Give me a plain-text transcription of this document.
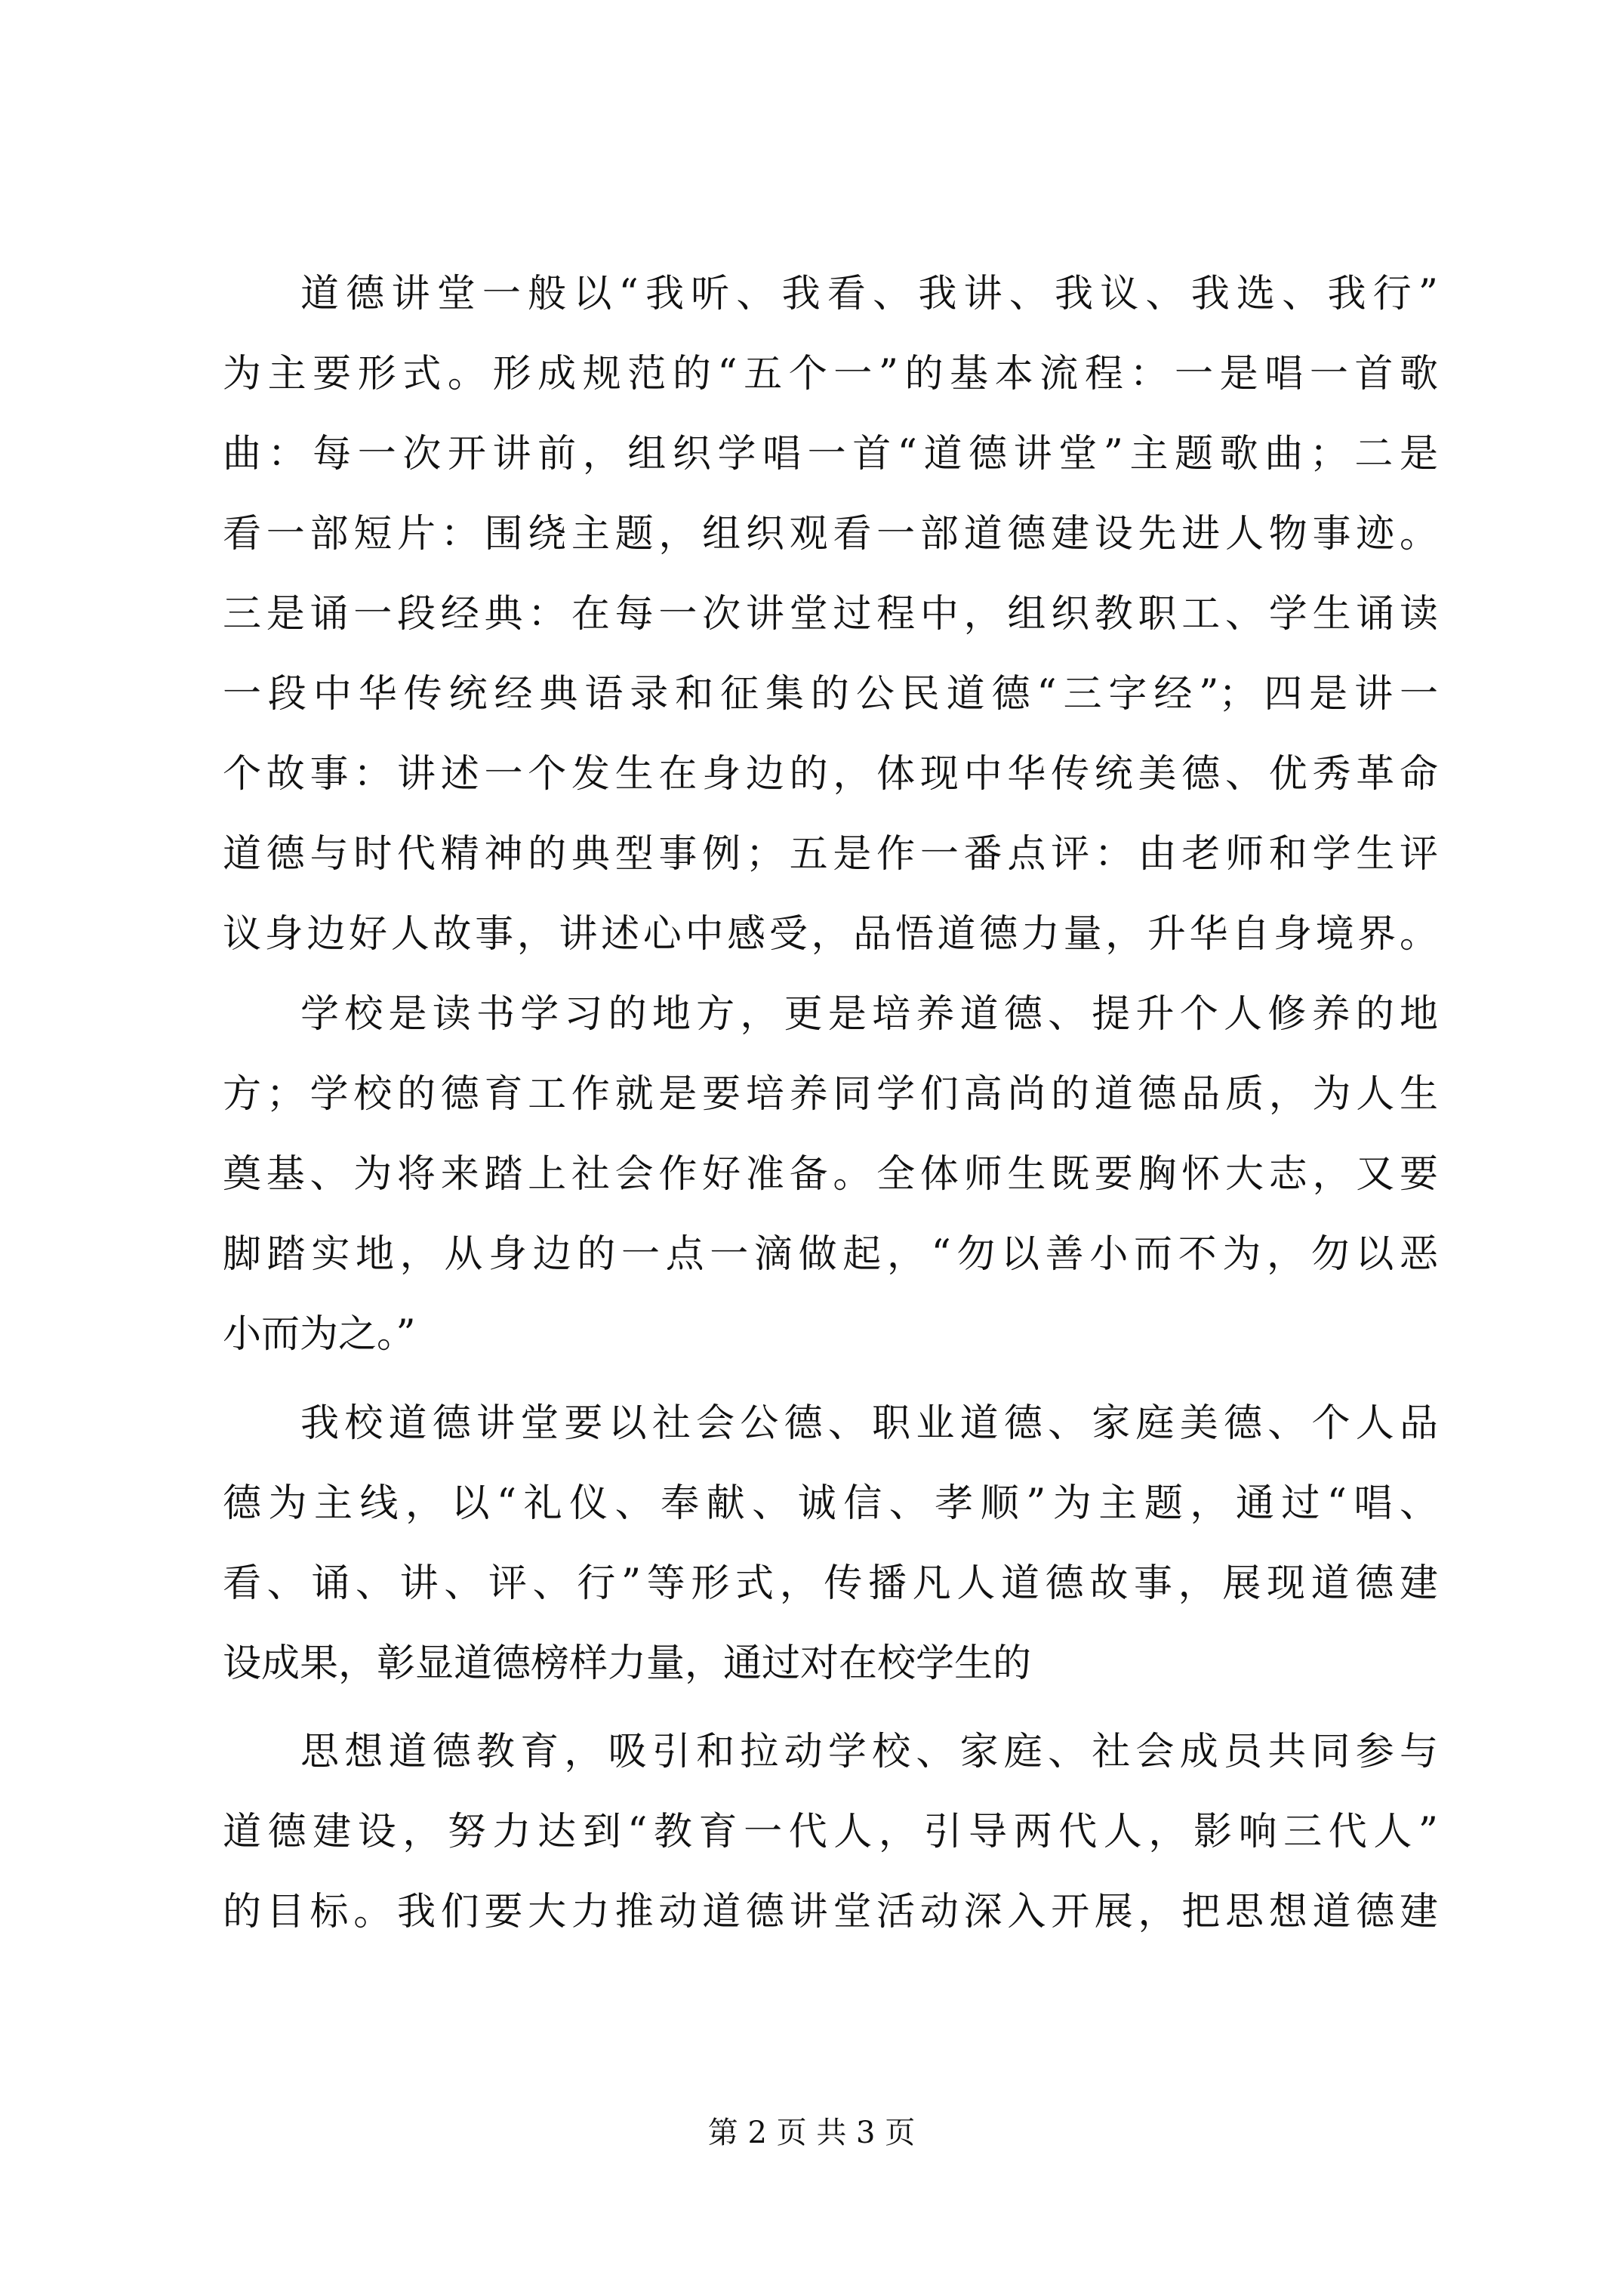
道德讲堂一般以“我听、我看、我讲、我议、我选、我行”

为主要形式。形成规范的“五个一”的基本流程：一是唱一首歌

曲：每一次开讲前，组织学唱一首“道德讲堂”主题歌曲；二是

看一部短片：围绕主题，组织观看一部道德建设先进人物事迹。

三是诵一段经典：在每一次讲堂过程中，组织教职工、学生诵读

一段中华传统经典语录和征集的公民道德“三字经”；四是讲一

个故事：讲述一个发生在身边的，体现中华传统美德、优秀革命

道德与时代精神的典型事例；五是作一番点评：由老师和学生评

议身边好人故事，讲述心中感受，品悟道德力量，升华自身境界。

学校是读书学习的地方，更是培养道德、提升个人修养的地

方；学校的德育工作就是要培养同学们高尚的道德品质，为人生

奠基、为将来踏上社会作好准备。全体师生既要胸怀大志，又要

脚踏实地，从身边的一点一滴做起，“勿以善小而不为，勿以恶

小而为之。”

我校道德讲堂要以社会公德、职业道德、家庭美德、个人品

德为主线，以“礼仪、奉献、诚信、孝顺”为主题，通过“唱、

看、诵、讲、评、行”等形式，传播凡人道德故事，展现道德建

设成果，彰显道德榜样力量，通过对在校学生的

思想道德教育，吸引和拉动学校、家庭、社会成员共同参与

道德建设，努力达到“教育一代人，引导两代人，影响三代人”

的目标。我们要大力推动道德讲堂活动深入开展，把思想道德建

第 2 页 共 3 页
